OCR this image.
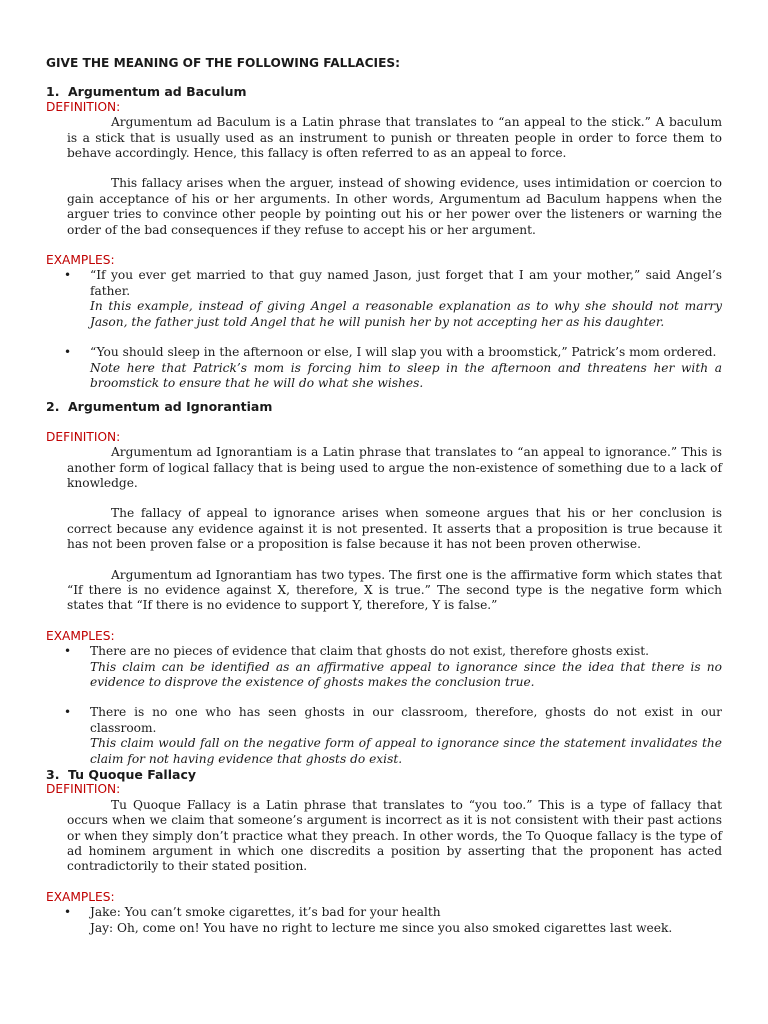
GIVE THE MEANING OF THE FOLLOWING FALLACIES:

1. Argumentum ad Baculum

DEFINITION:

Argumentum ad Baculum is a Latin phrase that translates to “an appeal to the stick.” A baculum is a stick that is usually used as an instrument to punish or threaten people in order to force them to behave accordingly. Hence, this fallacy is often referred to as an appeal to force.

This fallacy arises when the arguer, instead of showing evidence, uses intimidation or coercion to gain acceptance of his or her arguments. In other words, Argumentum ad Baculum happens when the arguer tries to convince other people by pointing out his or her power over the listeners or warning the order of the bad consequences if they refuse to accept his or her argument.

EXAMPLES:

• “If you ever get married to that guy named Jason, just forget that I am your mother,” said Angel’s father.

In this example, instead of giving Angel a reasonable explanation as to why she should not marry Jason, the father just told Angel that he will punish her by not accepting her as his daughter.

• “You should sleep in the afternoon or else, I will slap you with a broomstick,” Patrick’s mom ordered.

Note here that Patrick’s mom is forcing him to sleep in the afternoon and threatens her with a broomstick to ensure that he will do what she wishes.

2. Argumentum ad Ignorantiam

DEFINITION:

Argumentum ad Ignorantiam is a Latin phrase that translates to “an appeal to ignorance.” This is another form of logical fallacy that is being used to argue the non-existence of something due to a lack of knowledge.

The fallacy of appeal to ignorance arises when someone argues that his or her conclusion is correct because any evidence against it is not presented. It asserts that a proposition is true because it has not been proven false or a proposition is false because it has not been proven otherwise.

Argumentum ad Ignorantiam has two types. The first one is the affirmative form which states that “If there is no evidence against X, therefore, X is true.” The second type is the negative form which states that “If there is no evidence to support Y, therefore, Y is false.”

EXAMPLES:

• There are no pieces of evidence that claim that ghosts do not exist, therefore ghosts exist.

This claim can be identified as an affirmative appeal to ignorance since the idea that there is no evidence to disprove the existence of ghosts makes the conclusion true.

• There is no one who has seen ghosts in our classroom, therefore, ghosts do not exist in our classroom.

This claim would fall on the negative form of appeal to ignorance since the statement invalidates the claim for not having evidence that ghosts do exist.

3. Tu Quoque Fallacy

DEFINITION:

Tu Quoque Fallacy is a Latin phrase that translates to “you too.” This is a type of fallacy that occurs when we claim that someone’s argument is incorrect as it is not consistent with their past actions or when they simply don’t practice what they preach. In other words, the To Quoque fallacy is the type of ad hominem argument in which one discredits a position by asserting that the proponent has acted contradictorily to their stated position.

EXAMPLES:

• Jake: You can’t smoke cigarettes, it’s bad for your health

Jay: Oh, come on! You have no right to lecture me since you also smoked cigarettes last week.
